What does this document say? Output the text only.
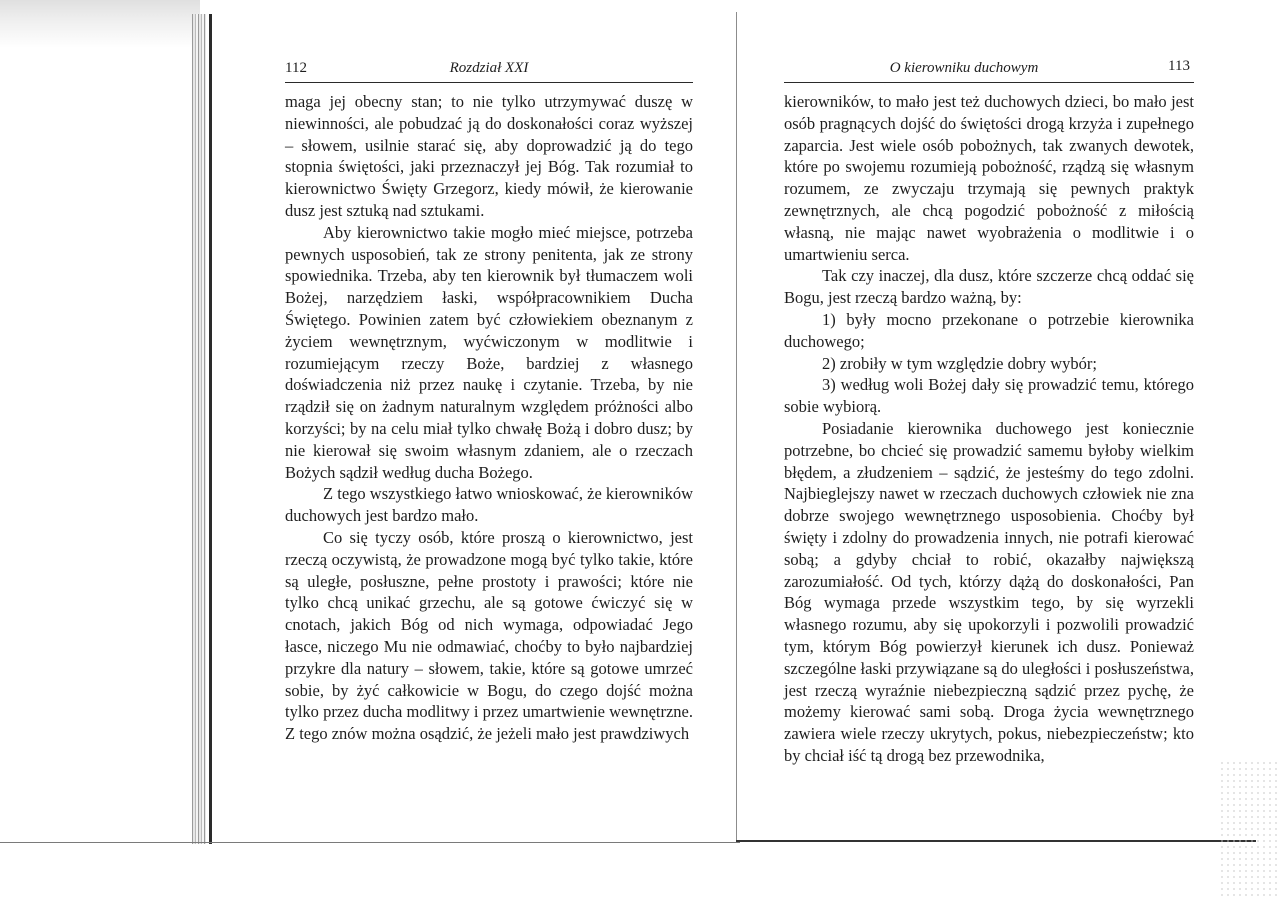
112	Rozdział XXI

maga jej obecny stan; to nie tylko utrzymywać duszę w niewinności, ale pobudzać ją do doskonałości coraz wyższej – słowem, usilnie starać się, aby doprowadzić ją do tego stopnia świętości, jaki przeznaczył jej Bóg. Tak rozumiał to kierownictwo Święty Grzegorz, kiedy mówił, że kierowanie dusz jest sztuką nad sztukami.

Aby kierownictwo takie mogło mieć miejsce, potrzeba pewnych usposobień, tak ze strony penitenta, jak ze strony spowiednika. Trzeba, aby ten kierownik był tłumaczem woli Bożej, narzędziem łaski, współpracownikiem Ducha Świętego. Powinien zatem być człowiekiem obeznanym z życiem wewnętrznym, wyćwiczonym w modlitwie i rozumiejącym rzeczy Boże, bardziej z własnego doświadczenia niż przez naukę i czytanie. Trzeba, by nie rządził się on żadnym naturalnym względem próżności albo korzyści; by na celu miał tylko chwałę Bożą i dobro dusz; by nie kierował się swoim własnym zdaniem, ale o rzeczach Bożych sądził według ducha Bożego.

Z tego wszystkiego łatwo wnioskować, że kierowników duchowych jest bardzo mało.

Co się tyczy osób, które proszą o kierownictwo, jest rzeczą oczywistą, że prowadzone mogą być tylko takie, które są uległe, posłuszne, pełne prostoty i prawości; które nie tylko chcą unikać grzechu, ale są gotowe ćwiczyć się w cnotach, jakich Bóg od nich wymaga, odpowiadać Jego łasce, niczego Mu nie odmawiać, choćby to było najbardziej przykre dla natury – słowem, takie, które są gotowe umrzeć sobie, by żyć całkowicie w Bogu, do czego dojść można tylko przez ducha modlitwy i przez umartwienie wewnętrzne. Z tego znów można osądzić, że jeżeli mało jest prawdziwych

O kierowniku duchowym	113

kierowników, to mało jest też duchowych dzieci, bo mało jest osób pragnących dojść do świętości drogą krzyża i zupełnego zaparcia. Jest wiele osób pobożnych, tak zwanych dewotek, które po swojemu rozumieją pobożność, rządzą się własnym rozumem, ze zwyczaju trzymają się pewnych praktyk zewnętrznych, ale chcą pogodzić pobożność z miłością własną, nie mając nawet wyobrażenia o modlitwie i o umartwieniu serca.

Tak czy inaczej, dla dusz, które szczerze chcą oddać się Bogu, jest rzeczą bardzo ważną, by:

1) były mocno przekonane o potrzebie kierownika duchowego;

2) zrobiły w tym względzie dobry wybór;

3) według woli Bożej dały się prowadzić temu, którego sobie wybiorą.

Posiadanie kierownika duchowego jest koniecznie potrzebne, bo chcieć się prowadzić samemu byłoby wielkim błędem, a złudzeniem – sądzić, że jesteśmy do tego zdolni. Najbieglejszy nawet w rzeczach duchowych człowiek nie zna dobrze swojego wewnętrznego usposobienia. Choćby był święty i zdolny do prowadzenia innych, nie potrafi kierować sobą; a gdyby chciał to robić, okazałby największą zarozumiałość. Od tych, którzy dążą do doskonałości, Pan Bóg wymaga przede wszystkim tego, by się wyrzekli własnego rozumu, aby się upokorzyli i pozwolili prowadzić tym, którym Bóg powierzył kierunek ich dusz. Ponieważ szczególne łaski przywiązane są do uległości i posłuszeństwa, jest rzeczą wyraźnie niebezpieczną sądzić przez pychę, że możemy kierować sami sobą. Droga życia wewnętrznego zawiera wiele rzeczy ukrytych, pokus, niebezpieczeństw; kto by chciał iść tą drogą bez przewodnika,
